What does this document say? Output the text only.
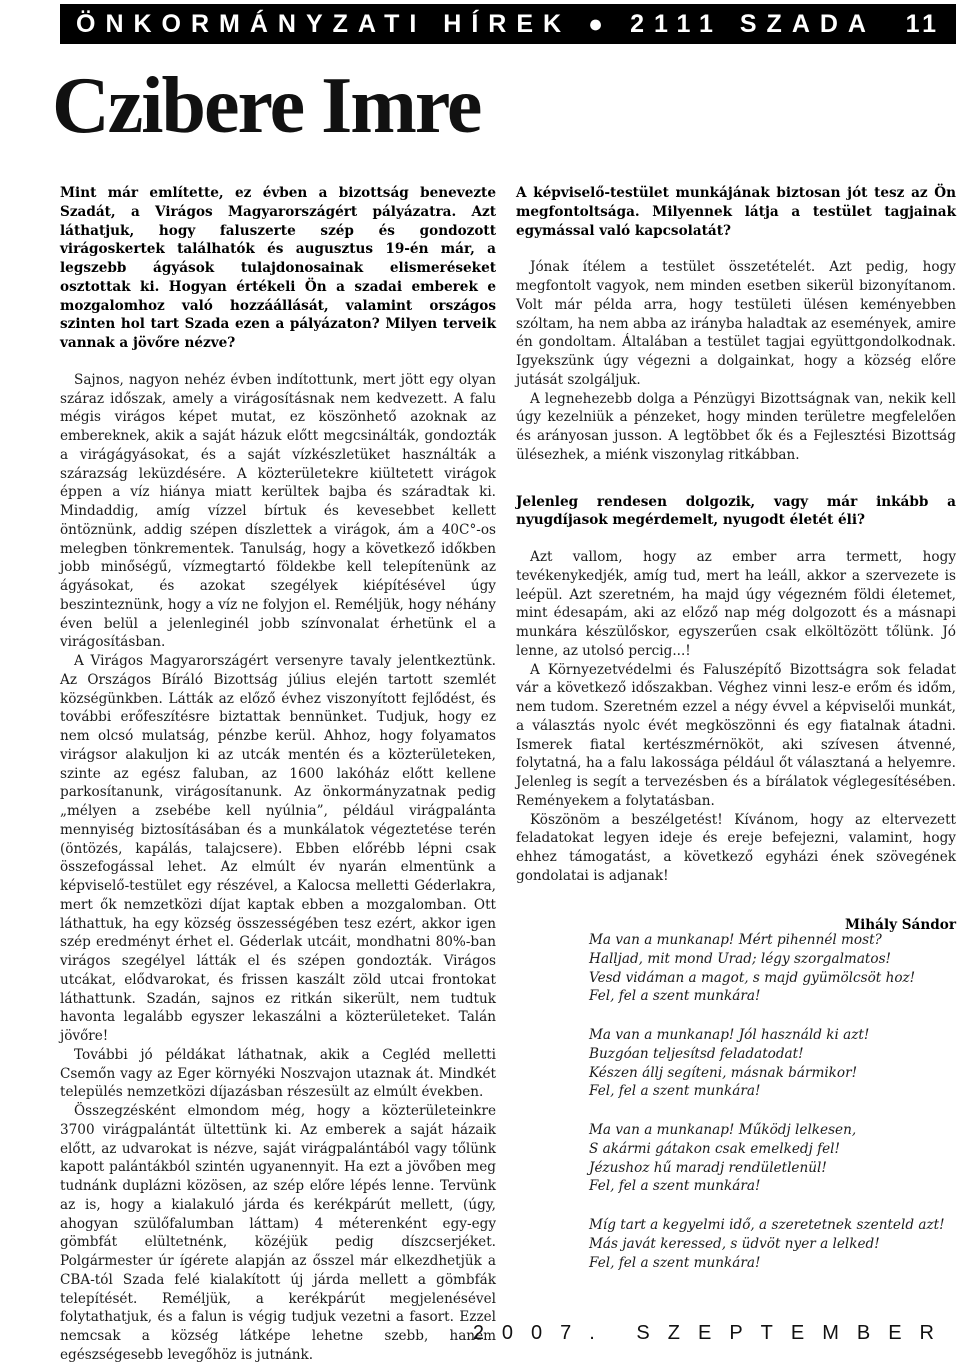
ÖNKORMÁNYZATI HÍREK ● 2111 SZADA 11
Czibere Imre

Mint már említette, ez évben a bizottság benevezte Szadát, a Virágos Magyarországért pályázatra. Azt láthatjuk, hogy faluszerte szép és gondozott virágoskertek találhatók és augusztus 19-én már, a legszebb ágyások tulajdonosainak elismeréseket osztottak ki. Hogyan értékeli Ön a szadai emberek e mozgalomhoz való hozzáállását, valamint országos szinten hol tart Szada ezen a pályázaton? Milyen terveik vannak a jövőre nézve?

Sajnos, nagyon nehéz évben indítottunk, mert jött egy olyan száraz időszak, amely a virágosításnak nem kedvezett. A falu mégis virágos képet mutat, ez köszönhető azoknak az embereknek, akik a saját házuk előtt megcsinálták, gondozták a virágágyásokat, és a saját vízkészletüket használták a szárazság leküzdésére. A közterületekre kiültetett virágok éppen a víz hiánya miatt kerültek bajba és száradtak ki. Mindaddig, amíg vízzel bírtuk és kevesebbet kellett öntöznünk, addig szépen díszlettek a virágok, ám a 40C°-os melegben tönkrementek. Tanulság, hogy a következő időkben jobb minőségű, vízmegtartó földekbe kell telepítenünk az ágyásokat, és azokat szegélyek kiépítésével úgy beszinteznünk, hogy a víz ne folyjon el. Reméljük, hogy néhány éven belül a jelenleginél jobb színvonalat érhetünk el a virágosításban.

A Virágos Magyarországért versenyre tavaly jelentkeztünk. Az Országos Bíráló Bizottság július elején tartott szemlét községünkben. Látták az előző évhez viszonyított fejlődést, és további erőfeszítésre biztattak bennünket. Tudjuk, hogy ez nem olcsó mulatság, pénzbe kerül. Ahhoz, hogy folyamatos virágsor alakuljon ki az utcák mentén és a közterületeken, szinte az egész faluban, az 1600 lakóház előtt kellene parkosítanunk, virágosítanunk. Az önkormányzatnak pedig „mélyen a zsebébe kell nyúlnia”, például virágpalánta mennyiség biztosításában és a munkálatok végeztetése terén (öntözés, kapálás, talajcsere). Ebben előrébb lépni csak összefogással lehet. Az elmúlt év nyarán elmentünk a képviselő-testület egy részével, a Kalocsa melletti Géderlakra, mert ők nemzetközi díjat kaptak ebben a mozgalomban. Ott láthattuk, ha egy község összességében tesz ezért, akkor igen szép eredményt érhet el. Géderlak utcáit, mondhatni 80%-ban virágos szegélyel látták el és szépen gondozták. Virágos utcákat, elődvarokat, és frissen kaszált zöld utcai frontokat láthattunk. Szadán, sajnos ez ritkán sikerült, nem tudtuk havonta legalább egyszer lekaszálni a közterületeket. Talán jövőre!

További jó példákat láthatnak, akik a Cegléd melletti Csemőn vagy az Eger környéki Noszvajon utaznak át. Mindkét település nemzetközi díjazásban részesült az elmúlt években.

Összegzésként elmondom még, hogy a közterületeinkre 3700 virágpalántát ültettünk ki. Az emberek a saját házaik előtt, az udvarokat is nézve, saját virágpalántából vagy tőlünk kapott palántákból szintén ugyanennyit. Ha ezt a jövőben meg tudnánk duplázni közösen, az szép előre lépés lenne. Tervünk az is, hogy a kialakuló járda és kerékpárút mellett, (úgy, ahogyan szülőfalumban láttam) 4 méterenként egy-egy gömbfát elültetnénk, közéjük pedig díszcserjéket. Polgármester úr ígérete alapján az ősszel már elkezdhetjük a CBA-tól Szada felé kialakított új járda mellett a gömbfák telepítését. Reméljük, a kerékpárút megjelenésével folytathatjuk, és a falun is végig tudjuk vezetni a fasort. Ezzel nemcsak a község látképe lehetne szebb, hanem egészségesebb levegőhöz is jutnánk.

A képviselő-testület munkájának biztosan jót tesz az Ön megfontoltsága. Milyennek látja a testület tagjainak egymással való kapcsolatát?

Jónak ítélem a testület összetételét. Azt pedig, hogy megfontolt vagyok, nem minden esetben sikerül bizonyítanom. Volt már példa arra, hogy testületi ülésen keményebben szóltam, ha nem abba az irányba haladtak az események, amire én gondoltam. Általában a testület tagjai együttgondolkodnak. Igyekszünk úgy végezni a dolgainkat, hogy a község előre jutását szolgáljuk.

A legnehezebb dolga a Pénzügyi Bizottságnak van, nekik kell úgy kezelniük a pénzeket, hogy minden területre megfelelően és arányosan jusson. A legtöbbet ők és a Fejlesztési Bizottság ülésezhek, a miénk viszonylag ritkábban.

Jelenleg rendesen dolgozik, vagy már inkább a nyugdíjasok megérdemelt, nyugodt életét éli?

Azt vallom, hogy az ember arra termett, hogy tevékenykedjék, amíg tud, mert ha leáll, akkor a szervezete is leépül. Azt szeretném, ha majd úgy végezném földi életemet, mint édesapám, aki az előző nap még dolgozott és a másnapi munkára készülőskor, egyszerűen csak elköltözött tőlünk. Jó lenne, az utolsó percig...!

A Környezetvédelmi és Faluszépítő Bizottságra sok feladat vár a következő időszakban. Véghez vinni lesz-e erőm és időm, nem tudom. Szeretném ezzel a négy évvel a képviselői munkát, a választás nyolc évét megköszönni és egy fiatalnak átadni. Ismerek fiatal kertészmérnököt, aki szívesen átvenné, folytatná, ha a falu lakossága például őt választaná a helyemre. Jelenleg is segít a tervezésben és a bírálatok véglegesítésében. Reményekem a folytatásban.

Köszönöm a beszélgetést! Kívánom, hogy az eltervezett feladatokat legyen ideje és ereje befejezni, valamint, hogy ehhez támogatást, a következő egyházi ének szövegének gondolatai is adjanak!

Mihály Sándor

Ma van a munkanap! Mért pihennél most?
Halljad, mit mond Urad; légy szorgalmatos!
Vesd vidáman a magot, s majd gyümölcsöt hoz!
Fel, fel a szent munkára!
Ma van a munkanap! Jól használd ki azt!
Buzgóan teljesítsd feladatodat!
Készen állj segíteni, másnak bármikor!
Fel, fel a szent munkára!
Ma van a munkanap! Működj lelkesen,
S akármi gátakon csak emelkedj fel!
Jézushoz hű maradj rendületlenül!
Fel, fel a szent munkára!
Míg tart a kegyelmi idő, a szeretetnek szenteld azt!
Más javát keressed, s üdvöt nyer a lelked!
Fel, fel a szent munkára!
2007. SZEPTEMBER
